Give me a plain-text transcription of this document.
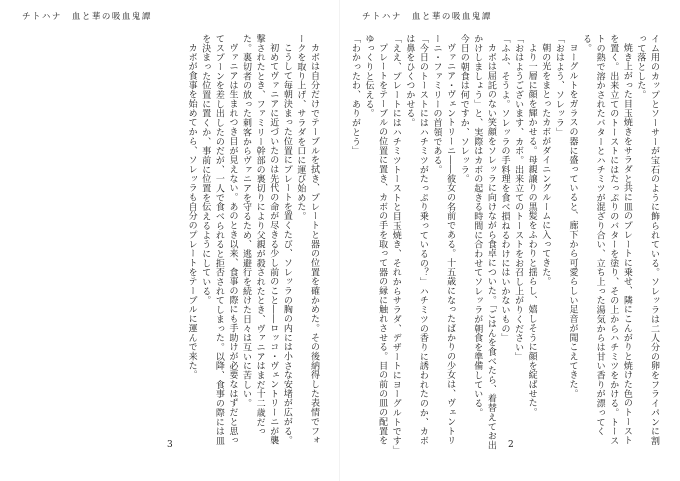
チトハナ　血と華の吸血鬼譚

カボは自分だけでテーブルを拭き、プレートと器の位置を確かめた。その後納得した表情でフォークを取り上げ、サラダを口に運び始めた。

こうして毎朝決まった位置にプレートを置くたび、ソレッラの胸の内には小さな安堵が広がる。

初めてヴァニアに近づいたのは先代の命が尽きる少し前のこと――ロッコ・ヴェントリーニが襲撃されたとき、ファミリー幹部の裏切りにより父親が殺されたとき、ヴァニアはまだ十二歳だった。裏切者の放った刺客からヴァニアを守るため、逃避行を続けた日々は互いに苦しい。

ヴァニアは生まれつき目が見えない。あのとき以来、食事の際にも手助けが必要なはずだと思ってスプーンを差し出したのだが、一人で食べられると拒否されてしまった。以降、食事の際には皿を決まった位置に置くか、事前に位置を伝えるようにしている。

カボが食事を始めてから、ソレッラも自分のプレートをテーブルに運んで来た。

3
チトハナ　血と華の吸血鬼譚

イム用のカップとソーサーが宝石のように飾られている。ソレッラは二人分の卵をフライパンに割って落とした。

焼き上がった目玉焼きをサラダと共に皿のプレートに乗せ、隣にこんがりと焼けた色のトーストを置く。出来立てのトーストにはたっぷりのバターを塗り、その上からハチミツをかける。トーストの熱で溶かされたバターとハチミツが混ざり合い、立ち上った湯気からは甘い香りが漂ってくる。

ヨーグルトをガラスの器に盛っていると、廊下から可愛らしい足音が聞こえてきた。

「おはよう、ソレッラ」

朝の光をまとったカボがダイニングルームに入ってきた。

より一層に顔を輝かせる。母親譲りの黒髪をふわりと揺らし、嬉しそうに顔を綻ばせた。

「おはようございます、カボ。出来立てのトーストをお召し上がりください」

「ふふ、そうよ。ソレッラの手料理を食べ損ねるわけにはいかないもの」

カボは屈託のない笑顔をソレッラに向けながら食卓についた。「ごはんを食べたら、着替えてお出かけしましょう」と、実際はカボの起きる時間に合わせてソレッラが朝食を準備している。

今日の朝食は何ですか、ソレッラ。

ヴァニア・ヴェントリーニ――彼女の名前である。十五歳になったばかりの少女は、ヴェントリーニ・ファミリーの首領である。

「今日のトーストにはハチミツがたっぷり乗っているの？」ハチミツの香りに誘われたのか、カボは鼻をひくつかせる。

「ええ、プレートにはハチミツトーストと目玉焼き、それからサラダ、デザートにヨーグルトです」

プレートをテーブルの位置に置き、カボの手を取って器の縁に触れさせる。目の前の皿の配置をゆっくりと伝える。

「わかったわ、ありがとう」

2
